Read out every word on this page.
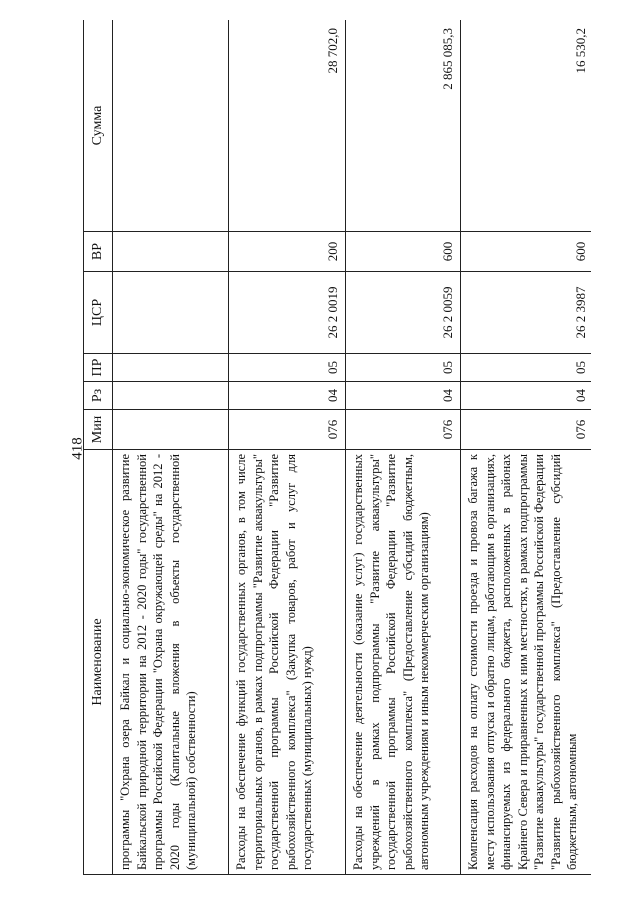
418
Наименование	Мин	Рз	ПР	ЦСР	ВР	Сумма
программы "Охрана озера Байкал и социально-экономическое развитие Байкальской природной территории на 2012 - 2020 годы" государственной программы Российской Федерации "Охрана окружающей среды" на 2012 - 2020 годы (Капитальные вложения в объекты государственной (муниципальной) собственности)						
Расходы на обеспечение функций государственных органов, в том числе территориальных органов, в рамках подпрограммы "Развитие аквакультуры" государственной программы Российской Федерации "Развитие рыбохозяйственного комплекса" (Закупка товаров, работ и услуг для государственных (муниципальных) нужд)	076	04	05	26 2 0019	200	28 702,0
Расходы на обеспечение деятельности (оказание услуг) государственных учреждений в рамках подпрограммы "Развитие аквакультуры" государственной программы Российской Федерации "Развитие рыбохозяйственного комплекса" (Предоставление субсидий бюджетным, автономным учреждениям и иным некоммерческим организациям)	076	04	05	26 2 0059	600	2 865 085,3
Компенсация расходов на оплату стоимости проезда и провоза багажа к месту использования отпуска и обратно лицам, работающим в организациях, финансируемых из федерального бюджета, расположенных в районах Крайнего Севера и приравненных к ним местностях, в рамках подпрограммы "Развитие аквакультуры" государственной программы Российской Федерации "Развитие рыбохозяйственного комплекса" (Предоставление субсидий бюджетным, автономным	076	04	05	26 2 3987	600	16 530,2
